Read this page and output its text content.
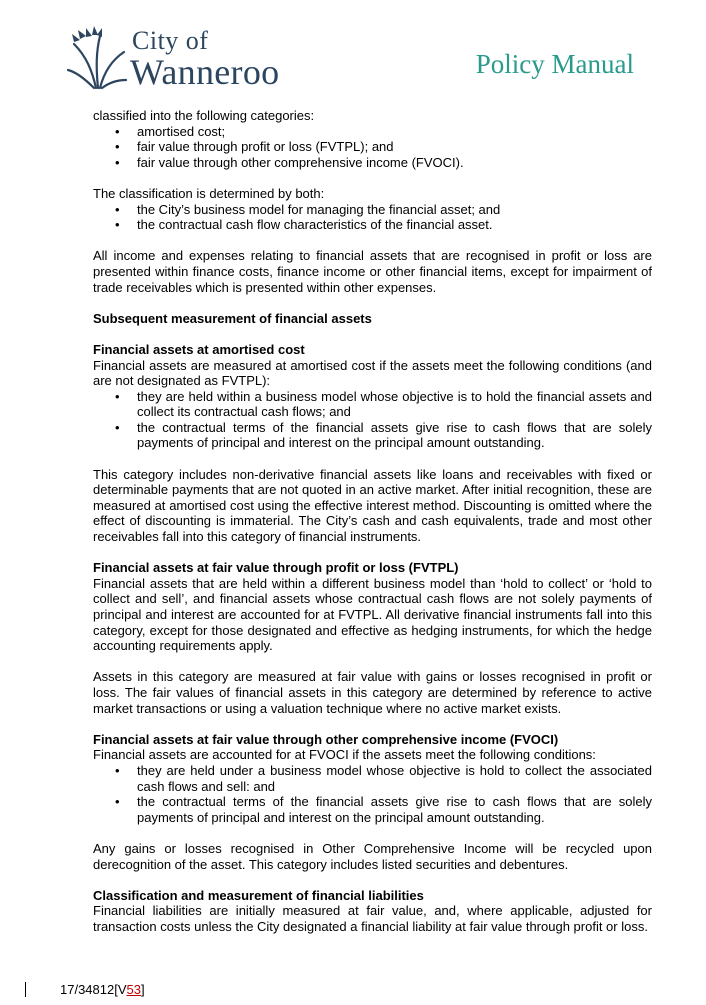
City of
Wanneroo	Policy Manual

classified into the following categories:

• amortised cost;
• fair value through profit or loss (FVTPL); and
• fair value through other comprehensive income (FVOCI).

The classification is determined by both:

• the City’s business model for managing the financial asset; and
• the contractual cash flow characteristics of the financial asset.

All income and expenses relating to financial assets that are recognised in profit or loss are presented within finance costs, finance income or other financial items, except for impairment of trade receivables which is presented within other expenses.

Subsequent measurement of financial assets

Financial assets at amortised cost

Financial assets are measured at amortised cost if the assets meet the following conditions (and are not designated as FVTPL):

• they are held within a business model whose objective is to hold the financial assets and collect its contractual cash flows; and
• the contractual terms of the financial assets give rise to cash flows that are solely payments of principal and interest on the principal amount outstanding.

This category includes non-derivative financial assets like loans and receivables with fixed or determinable payments that are not quoted in an active market. After initial recognition, these are measured at amortised cost using the effective interest method. Discounting is omitted where the effect of discounting is immaterial. The City’s cash and cash equivalents, trade and most other receivables fall into this category of financial instruments.

Financial assets at fair value through profit or loss (FVTPL)

Financial assets that are held within a different business model than ‘hold to collect’ or ‘hold to collect and sell’, and financial assets whose contractual cash flows are not solely payments of principal and interest are accounted for at FVTPL. All derivative financial instruments fall into this category, except for those designated and effective as hedging instruments, for which the hedge accounting requirements apply.

Assets in this category are measured at fair value with gains or losses recognised in profit or loss. The fair values of financial assets in this category are determined by reference to active market transactions or using a valuation technique where no active market exists.

Financial assets at fair value through other comprehensive income (FVOCI)

Financial assets are accounted for at FVOCI if the assets meet the following conditions:

• they are held under a business model whose objective is hold to collect the associated cash flows and sell: and
• the contractual terms of the financial assets give rise to cash flows that are solely payments of principal and interest on the principal amount outstanding.

Any gains or losses recognised in Other Comprehensive Income will be recycled upon derecognition of the asset. This category includes listed securities and debentures.

Classification and measurement of financial liabilities

Financial liabilities are initially measured at fair value, and, where applicable, adjusted for transaction costs unless the City designated a financial liability at fair value through profit or loss.

17/34812[V53]
